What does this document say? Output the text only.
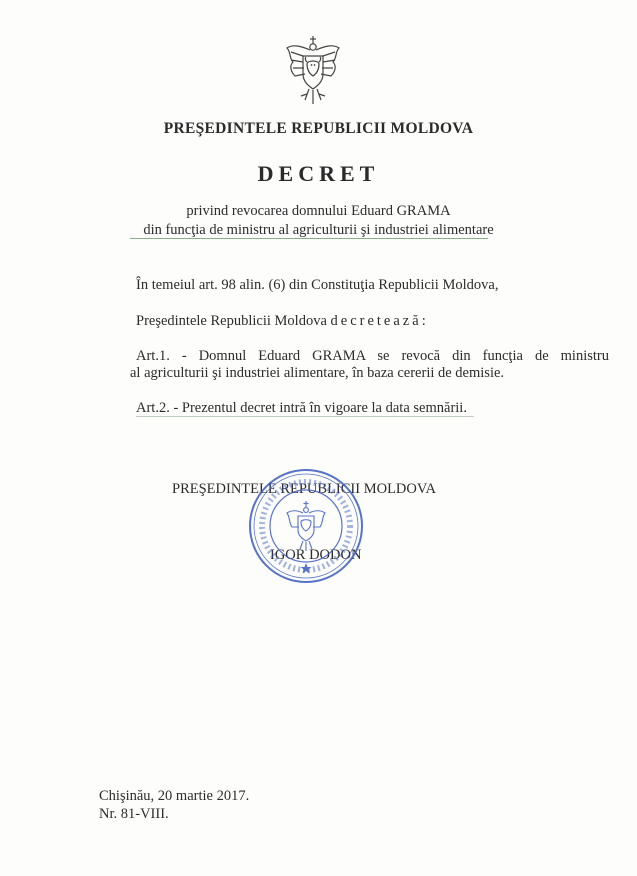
PREŞEDINTELE REPUBLICII MOLDOVA
DECRET
privind revocarea domnului Eduard GRAMA
din funcţia de ministru al agriculturii şi industriei alimentare
În temeiul art. 98 alin. (6) din Constituţia Republicii Moldova,
Preşedintele Republicii Moldova decretează:
Art.1. - Domnul Eduard GRAMA se revocă din funcţia de ministru
al agriculturii şi industriei alimentare, în baza cererii de demisie.
Art.2. - Prezentul decret intră în vigoare la data semnării.
PREŞEDINTELE REPUBLICII MOLDOVA
IGOR DODON
Chişinău, 20 martie 2017.
Nr. 81-VIII.
